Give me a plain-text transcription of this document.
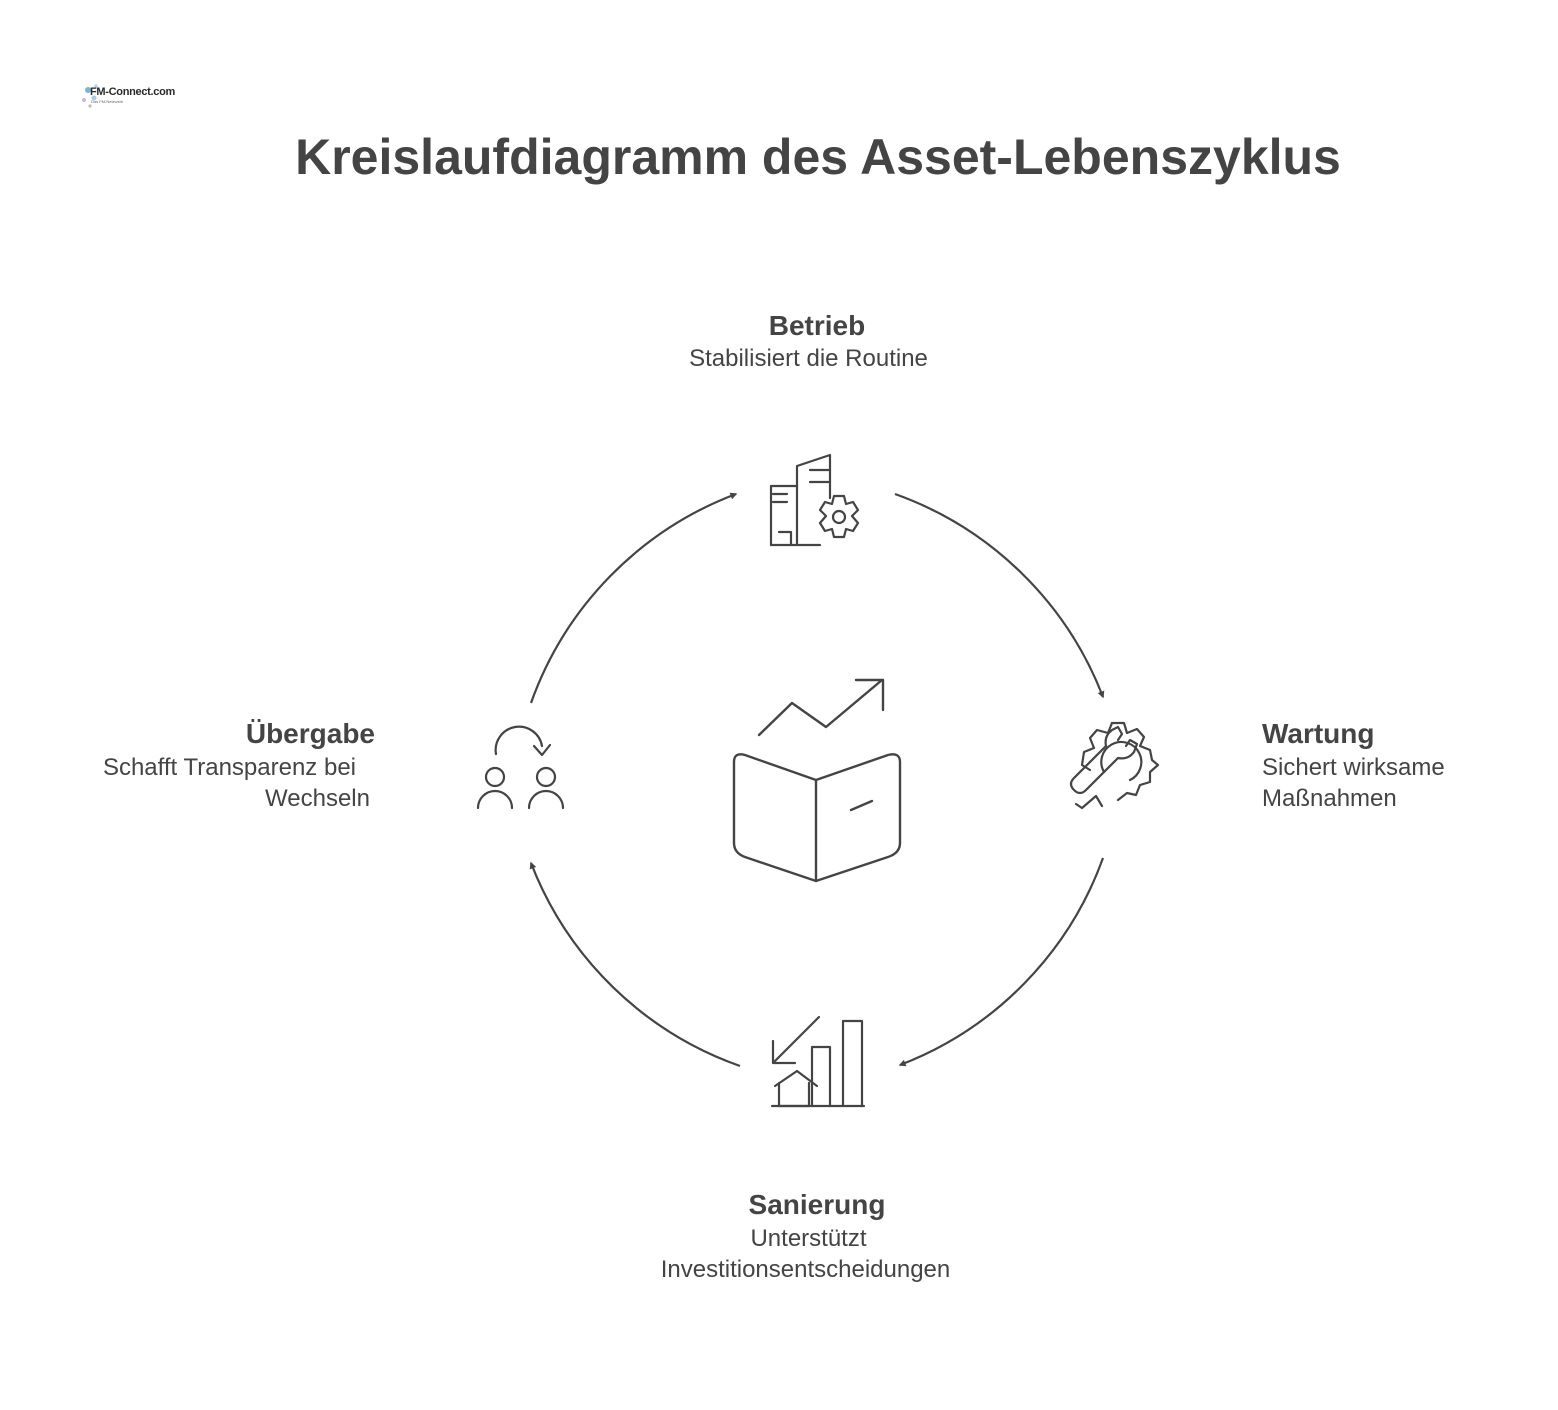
FM-Connect.com
Das FM-Netzwerk
Kreislaufdiagramm des Asset-Lebenszyklus
Betrieb
Stabilisiert die Routine
Wartung
Sichert wirksame
Maßnahmen
Sanierung
Unterstützt
Investitionsentscheidungen
Übergabe
Schafft Transparenz bei
Wechseln
